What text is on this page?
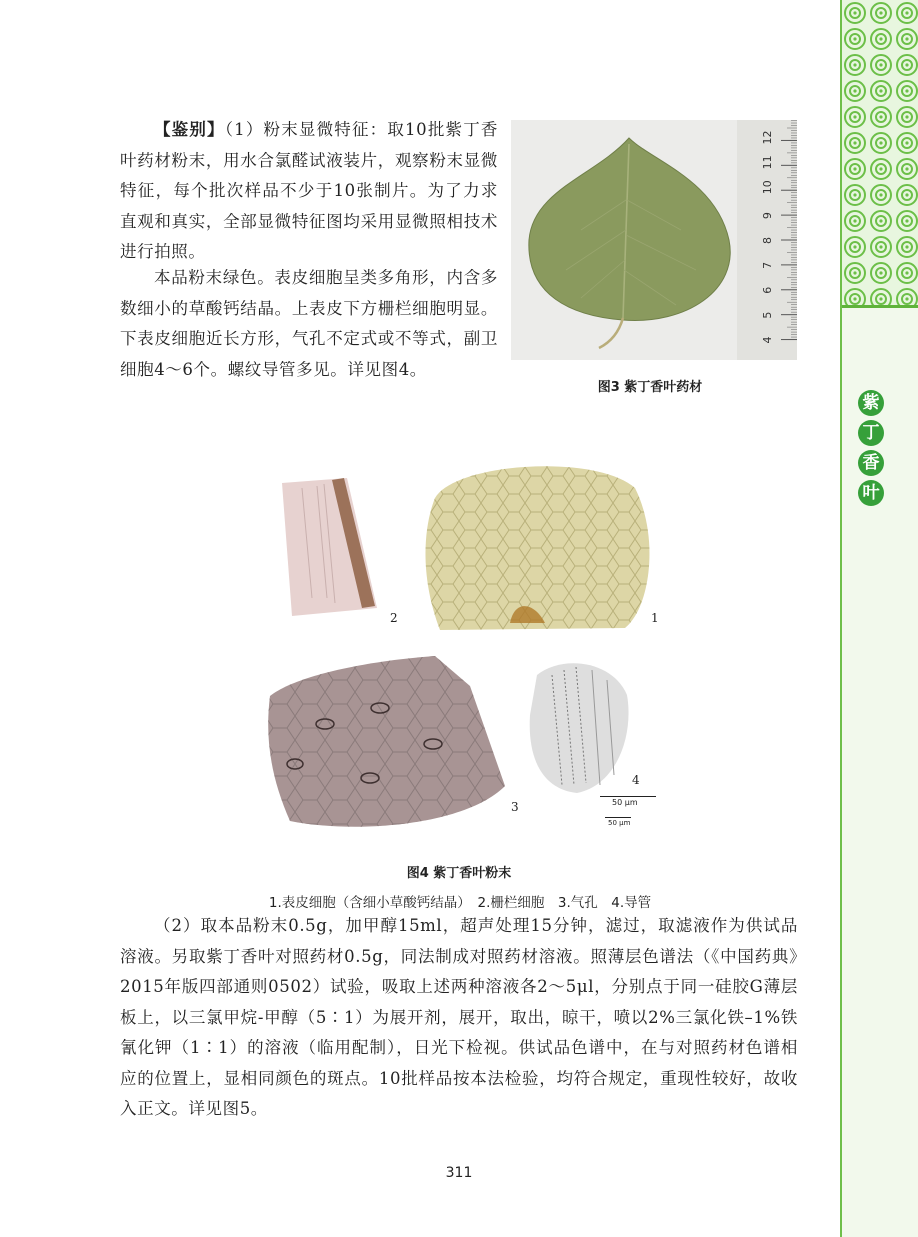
紫
丁
香
叶
【鉴别】（1）粉末显微特征：取10批紫丁香叶药材粉末，用水合氯醛试液装片，观察粉末显微特征，每个批次样品不少于10张制片。为了力求直观和真实，全部显微特征图均采用显微照相技术进行拍照。
本品粉末绿色。表皮细胞呈类多角形，内含多数细小的草酸钙结晶。上表皮下方栅栏细胞明显。下表皮细胞近长方形，气孔不定式或不等式，副卫细胞4～6个。螺纹导管多见。详见图4。
4
5
6
7
8
9
10
11
12
图3 紫丁香叶药材
2	1
3
4
50 μm
50 μm
图4 紫丁香叶粉末
1.表皮细胞（含细小草酸钙结晶）　2.栅栏细胞　3.气孔　4.导管
（2）取本品粉末0.5g，加甲醇15ml，超声处理15分钟，滤过，取滤液作为供试品溶液。另取紫丁香叶对照药材0.5g，同法制成对照药材溶液。照薄层色谱法（《中国药典》2015年版四部通则0502）试验，吸取上述两种溶液各2～5μl，分别点于同一硅胶G薄层板上，以三氯甲烷-甲醇（5∶1）为展开剂，展开，取出，晾干，喷以2%三氯化铁–1%铁氰化钾（1∶1）的溶液（临用配制），日光下检视。供试品色谱中，在与对照药材色谱相应的位置上，显相同颜色的斑点。10批样品按本法检验，均符合规定，重现性较好，故收入正文。详见图5。
311
